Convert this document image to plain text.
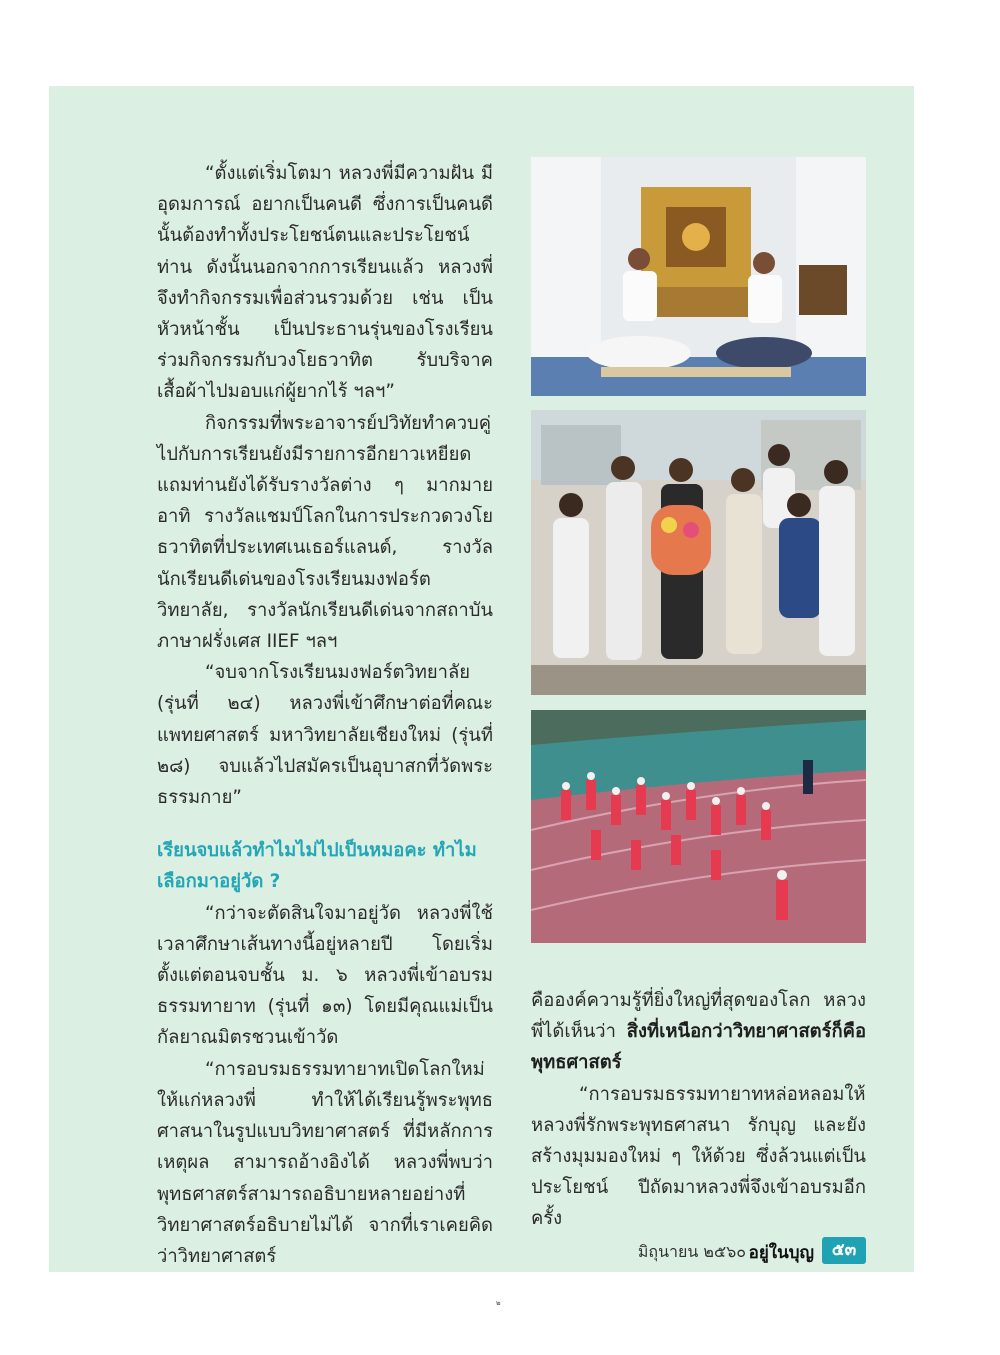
“ตั้งแต่เริ่มโตมา หลวงพี่มีความฝัน มีอุดมการณ์ อยากเป็นคนดี ซึ่งการเป็นคนดีนั้นต้องทำทั้งประโยชน์ตนและประโยชน์ท่าน ดังนั้นนอกจากการเรียนแล้ว หลวงพี่จึงทำกิจกรรมเพื่อส่วนรวมด้วย เช่น เป็นหัวหน้าชั้น เป็นประธานรุ่นของโรงเรียน ร่วมกิจกรรมกับวงโยธวาทิต รับบริจาคเสื้อผ้าไปมอบแก่ผู้ยากไร้ ฯลฯ”

กิจกรรมที่พระอาจารย์ปวิทัยทำควบคู่ไปกับการเรียนยังมีรายการอีกยาวเหยียด แถมท่านยังได้รับรางวัลต่าง ๆ มากมาย อาทิ รางวัลแชมป์โลกในการประกวดวงโยธวาทิตที่ประเทศเนเธอร์แลนด์, รางวัลนักเรียนดีเด่นของโรงเรียนมงฟอร์ตวิทยาลัย, รางวัลนักเรียนดีเด่นจากสถาบันภาษาฝรั่งเศส IIEF ฯลฯ

“จบจากโรงเรียนมงฟอร์ตวิทยาลัย (รุ่นที่ ๒๔) หลวงพี่เข้าศึกษาต่อที่คณะแพทยศาสตร์ มหาวิทยาลัยเชียงใหม่ (รุ่นที่ ๒๘) จบแล้วไปสมัครเป็นอุบาสกที่วัดพระธรรมกาย”

เรียนจบแล้วทำไมไม่ไปเป็นหมอคะ ทำไมเลือกมาอยู่วัด ?

“กว่าจะตัดสินใจมาอยู่วัด หลวงพี่ใช้เวลาศึกษาเส้นทางนี้อยู่หลายปี โดยเริ่มตั้งแต่ตอนจบชั้น ม. ๖ หลวงพี่เข้าอบรมธรรมทายาท (รุ่นที่ ๑๓) โดยมีคุณแม่เป็นกัลยาณมิตรชวนเข้าวัด

“การอบรมธรรมทายาทเปิดโลกใหม่ให้แก่หลวงพี่ ทำให้ได้เรียนรู้พระพุทธศาสนาในรูปแบบวิทยาศาสตร์ ที่มีหลักการ เหตุผล สามารถอ้างอิงได้ หลวงพี่พบว่า พุทธศาสตร์สามารถอธิบายหลายอย่างที่วิทยาศาสตร์อธิบายไม่ได้ จากที่เราเคยคิดว่าวิทยาศาสตร์

คือองค์ความรู้ที่ยิ่งใหญ่ที่สุดของโลก หลวงพี่ได้เห็นว่า สิ่งที่เหนือกว่าวิทยาศาสตร์ก็คือพุทธศาสตร์

“การอบรมธรรมทายาทหล่อหลอมให้หลวงพี่รักพระพุทธศาสนา รักบุญ และยังสร้างมุมมองใหม่ ๆ ให้ด้วย ซึ่งล้วนแต่เป็นประโยชน์ ปีถัดมาหลวงพี่จึงเข้าอบรมอีกครั้ง

มิถุนายน ๒๕๖๐ อยู่ในบุญ	๕๓
๒
